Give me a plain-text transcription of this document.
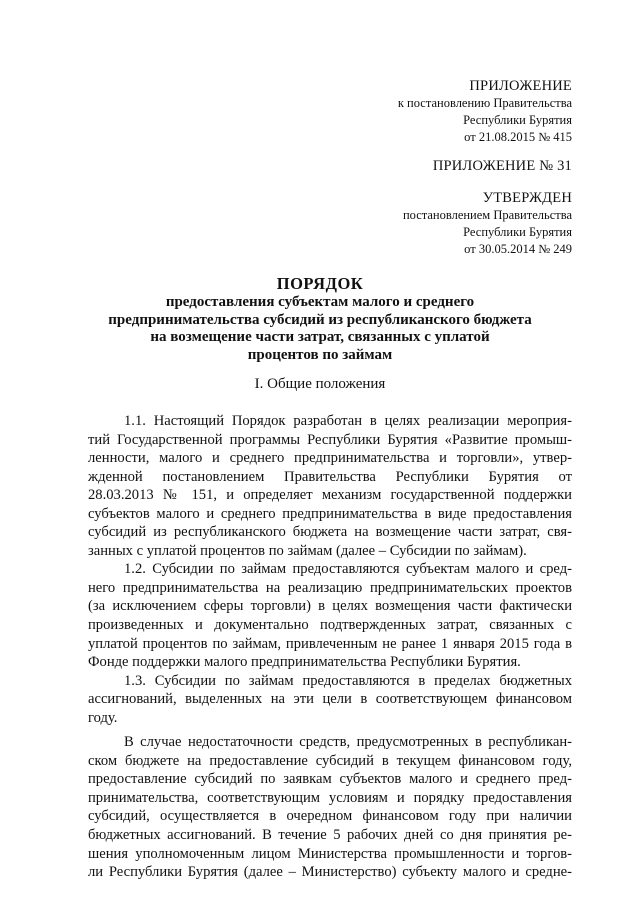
ПРИЛОЖЕНИЕ
к постановлению Правительства
Республики Бурятия
от 21.08.2015 № 415
ПРИЛОЖЕНИЕ № 31
УТВЕРЖДЕН
постановлением Правительства
Республики Бурятия
от 30.05.2014 № 249
ПОРЯДОК
предоставления субъектам малого и среднего
предпринимательства субсидий из республиканского бюджета
на возмещение части затрат, связанных с уплатой
процентов по займам
I. Общие положения
1.1. Настоящий Порядок разработан в целях реализации мероприя-
тий Государственной программы Республики Бурятия «Развитие промыш-
ленности, малого и среднего предпринимательства и торговли», утвер-
жденной постановлением Правительства Республики Бурятия от
28.03.2013 № 151, и определяет механизм государственной поддержки
субъектов малого и среднего предпринимательства в виде предоставления
субсидий из республиканского бюджета на возмещение части затрат, свя-
занных с уплатой процентов по займам (далее – Субсидии по займам).
1.2. Субсидии по займам предоставляются субъектам малого и сред-
него предпринимательства на реализацию предпринимательских проектов
(за исключением сферы торговли) в целях возмещения части фактически
произведенных и документально подтвержденных затрат, связанных с
уплатой процентов по займам, привлеченным не ранее 1 января 2015 года в
Фонде поддержки малого предпринимательства Республики Бурятия.
1.3. Субсидии по займам предоставляются в пределах бюджетных
ассигнований, выделенных на эти цели в соответствующем финансовом
году.
В случае недостаточности средств, предусмотренных в республикан-
ском бюджете на предоставление субсидий в текущем финансовом году,
предоставление субсидий по заявкам субъектов малого и среднего пред-
принимательства, соответствующим условиям и порядку предоставления
субсидий, осуществляется в очередном финансовом году при наличии
бюджетных ассигнований. В течение 5 рабочих дней со дня принятия ре-
шения уполномоченным лицом Министерства промышленности и торгов-
ли Республики Бурятия (далее – Министерство) субъекту малого и средне-
